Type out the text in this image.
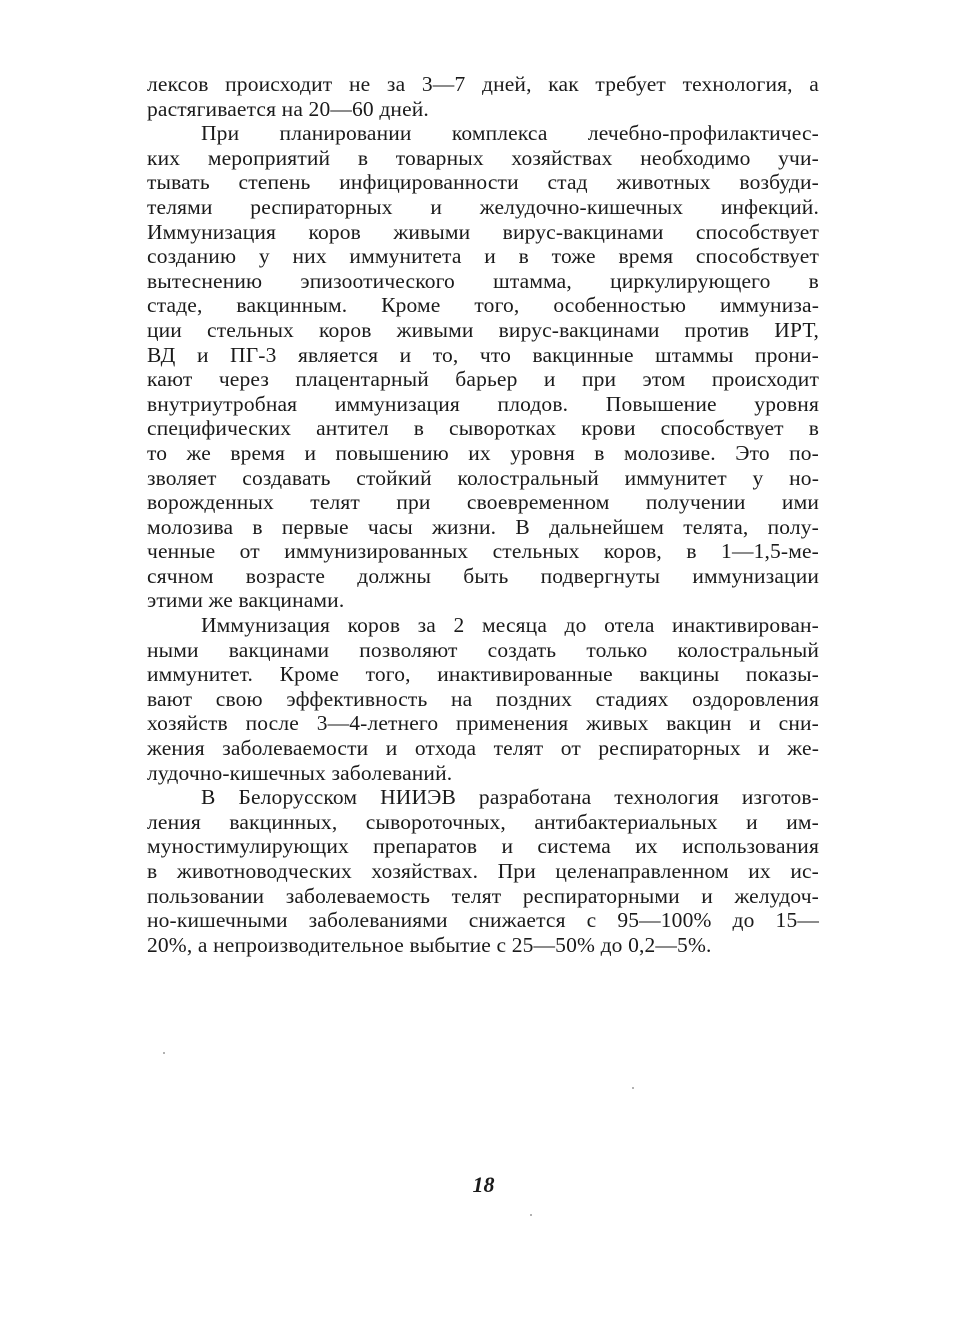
лексов происходит не за 3—7 дней, как требует технология, а
растягивается на 20—60 дней.
При планировании комплекса лечебно-профилактичес-
ких мероприятий в товарных хозяйствах необходимо учи-
тывать степень инфицированности стад животных возбуди-
телями респираторных и желудочно-кишечных инфекций.
Иммунизация коров живыми вирус-вакцинами способствует
созданию у них иммунитета и в тоже время способствует
вытеснению эпизоотического штамма, циркулирующего в
стаде, вакцинным. Кроме того, особенностью иммуниза-
ции стельных коров живыми вирус-вакцинами против ИРТ,
ВД и ПГ-3 является и то, что вакцинные штаммы прони-
кают через плацентарный барьер и при этом происходит
внутриутробная иммунизация плодов. Повышение уровня
специфических антител в сыворотках крови способствует в
то же время и повышению их уровня в молозиве. Это по-
зволяет создавать стойкий колостральный иммунитет у но-
ворожденных телят при своевременном получении ими
молозива в первые часы жизни. В дальнейшем телята, полу-
ченные от иммунизированных стельных коров, в 1—1,5-ме-
сячном возрасте должны быть подвергнуты иммунизации
этими же вакцинами.
Иммунизация коров за 2 месяца до отела инактивирован-
ными вакцинами позволяют создать только колостральный
иммунитет. Кроме того, инактивированные вакцины показы-
вают свою эффективность на поздних стадиях оздоровления
хозяйств после 3—4-летнего применения живых вакцин и сни-
жения заболеваемости и отхода телят от респираторных и же-
лудочно-кишечных заболеваний.
В Белорусском НИИЭВ разработана технология изготов-
ления вакцинных, сывороточных, антибактериальных и им-
муностимулирующих препаратов и система их использования
в животноводческих хозяйствах. При целенаправленном их ис-
пользовании заболеваемость телят респираторными и желудоч-
но-кишечными заболеваниями снижается с 95—100% до 15—
20%, а непроизводительное выбытие с 25—50% до 0,2—5%.
18
